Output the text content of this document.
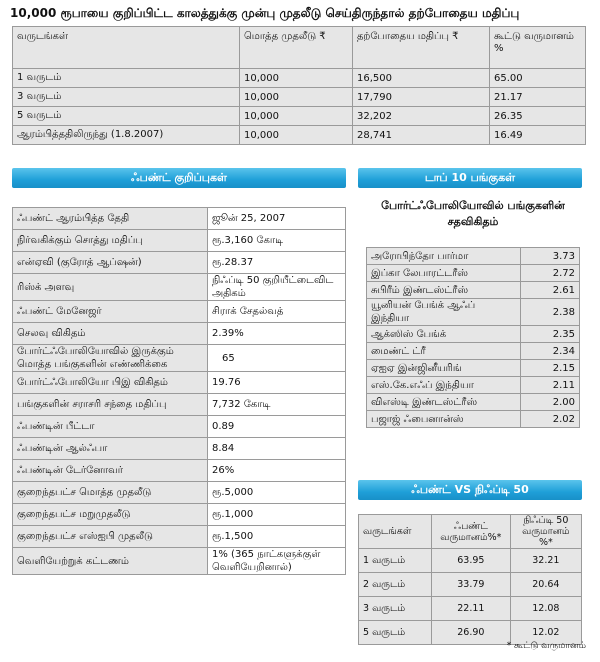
10,000 ரூபாயை குறிப்பிட்ட காலத்துக்கு முன்பு முதலீடு செய்திருந்தால் தற்போதைய மதிப்பு
வருடங்கள்	மொத்த முதலீடு ₹	தற்போதைய மதிப்பு ₹	கூட்டு வருமானம் %
1 வருடம்	10,000	16,500	65.00
3 வருடம்	10,000	17,790	21.17
5 வருடம்	10,000	32,202	26.35
ஆரம்பித்ததிலிருந்து (1.8.2007)	10,000	28,741	16.49
ஃபண்ட் குறிப்புகள்	டாப் 10 பங்குகள்
ஃபண்ட் ஆரம்பித்த தேதி	ஜூன் 25, 2007
நிர்வகிக்கும் சொத்து மதிப்பு	ரூ.3,160 கோடி
என்ஏவி (குரோத் ஆப்ஷன்)	ரூ.28.37
ரிஸ்க் அளவு	நிஃப்டி 50 குறியீட்டைவிட அதிகம்
ஃபண்ட் மேனேஜர்	சிராக் சேதல்வத்
செலவு விகிதம்	2.39%
போர்ட்ஃபோலியோவில் இருக்கும் மொத்த பங்குகளின் எண்ணிக்கை	65
போர்ட்ஃபோலியோ பிஇ விகிதம்	19.76
பங்குகளின் சராசரி சந்தை மதிப்பு	7,732 கோடி
ஃபண்டின் பீட்டா	0.89
ஃபண்டின் ஆல்ஃபா	8.84
ஃபண்டின் டேர்னோவர்	26%
குறைந்தபட்ச மொத்த முதலீடு	ரூ.5,000
குறைந்தபட்ச மறுமுதலீடு	ரூ.1,000
குறைந்தபட்ச எஸ்ஐபி முதலீடு	ரூ.1,500
வெளியேற்றுக் கட்டணம்	1% (365 நாட்களுக்குள் வெளியேறினால்)
போர்ட்ஃபோலியோவில் பங்குகளின் சதவிகிதம்
அரோபிந்தோ பார்மா	3.73
இப்கா லேபாரட்டரீஸ்	2.72
சுபிரீம் இண்டஸ்ட்ரீஸ்	2.61
யூனியன் பேங்க் ஆஃப் இந்தியா	2.38
ஆக்ஸிஸ் பேங்க்	2.35
மைண்ட் ட்ரீ	2.34
ஏஐஏ இன்ஜினீயரிங்	2.15
எஸ்.கே.எஃப் இந்தியா	2.11
விஎஸ்டி இண்டஸ்ட்ரீஸ்	2.00
பஜாஜ் ஃபைனான்ஸ்	2.02
ஃபண்ட் VS நிஃப்டி 50
வருடங்கள்	ஃபண்ட் வருமானம்%*	நிஃப்டி 50 வருமானம் %*
1 வருடம்	63.95	32.21
2 வருடம்	33.79	20.64
3 வருடம்	22.11	12.08
5 வருடம்	26.90	12.02
* கூட்டு வருமானம்
